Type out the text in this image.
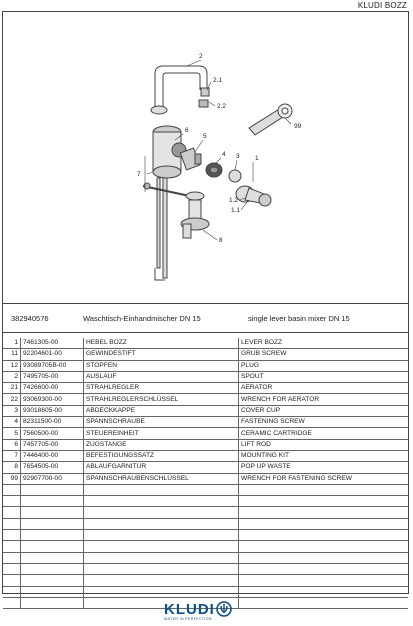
KLUDI BOZZ
2
2.1
2.2
99
6
5
4 3 1
7
1.2
1.1
8
382940576	Waschtisch-Einhandmischer DN 15	single lever basin mixer DN 15
1	7461305-00	HEBEL BOZZ	LEVER BOZZ
11	92204601-00	GEWINDESTIFT	GRUB SCREW
12	93089705B-00	STOPFEN	PLUG
2	7495705-00	AUSLAUF	SPOUT
21	7426600-00	STRAHLREGLER	AERATOR
22	93069300-00	STRAHLREGLERSCHLÜSSEL	WRENCH FOR AERATOR
3	93018605-00	ABDECKKAPPE	COVER CUP
4	82311500-00	SPANNSCHRAUBE	FASTENING SCREW
5	7560500-00	STEUEREINHEIT	CERAMIC CARTRIDGE
6	7457705-00	ZUGSTANGE	LIFT ROD
7	7446400-00	BEFESTIGUNGSSATZ	MOUNTING KIT
8	7654505-00	ABLAUFGARNITUR	POP UP WASTE
99	92907700-00	SPANNSCHRAUBENSCHLÜSSEL	WRENCH FOR FASTENING SCREW

KLUDI
WATER IN PERFECTION
